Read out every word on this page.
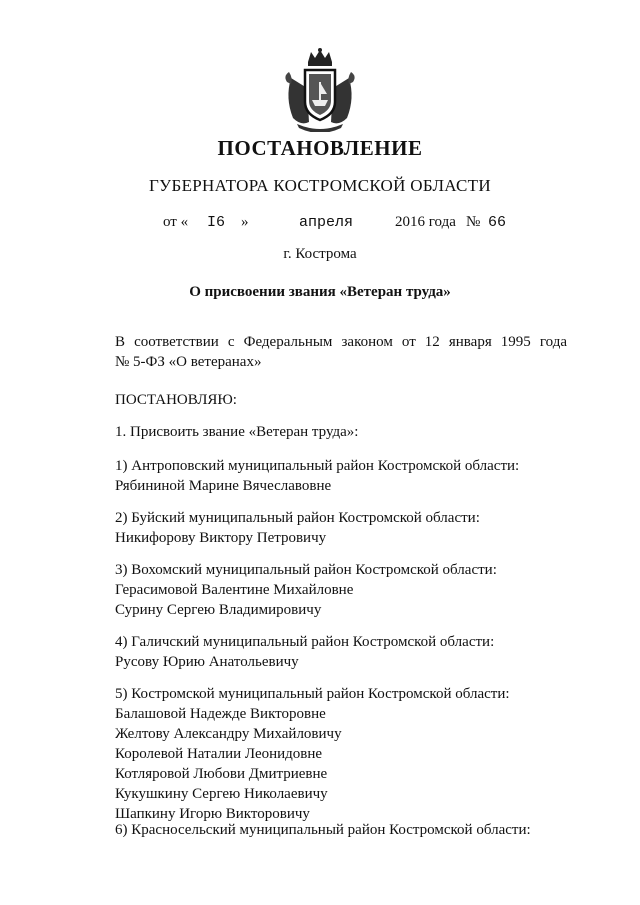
ПОСТАНОВЛЕНИЕ
ГУБЕРНАТОРА КОСТРОМСКОЙ ОБЛАСТИ
от « I6 »	апреля	2016 года № 66
г. Кострома
О присвоении звания «Ветеран труда»
В соответствии с Федеральным законом от 12 января 1995 года
№ 5-ФЗ «О ветеранах»
ПОСТАНОВЛЯЮ:
1. Присвоить звание «Ветеран труда»:
1) Антроповский муниципальный район Костромской области:
Рябининой Марине Вячеславовне
2) Буйский муниципальный район Костромской области:
Никифорову Виктору Петровичу
3) Вохомский муниципальный район Костромской области:
Герасимовой Валентине Михайловне
Сурину Сергею Владимировичу
4) Галичский муниципальный район Костромской области:
Русову Юрию Анатольевичу
5) Костромской муниципальный район Костромской области:
Балашовой Надежде Викторовне
Желтову Александру Михайловичу
Королевой Наталии Леонидовне
Котляровой Любови Дмитриевне
Кукушкину Сергею Николаевичу
Шапкину Игорю Викторовичу
6) Красносельский муниципальный район Костромской области:
